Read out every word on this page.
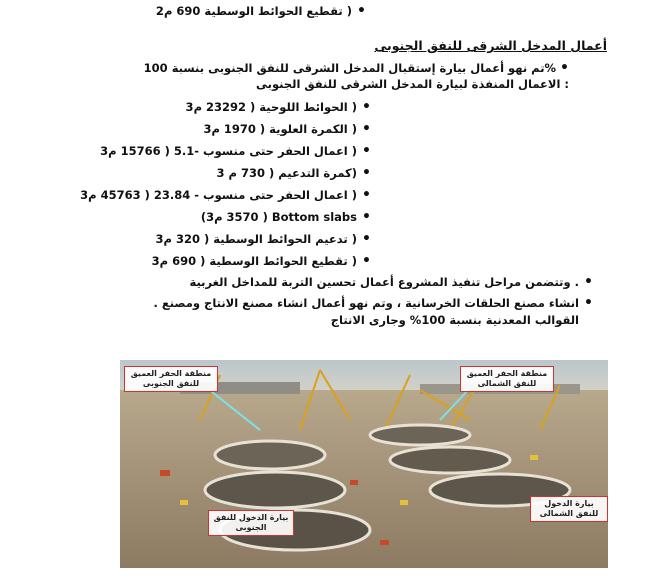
• ( تقطيع الحوائط الوسطية 690 م2
أعمال المدخل الشرقى للنفق الجنوبى
•%تم نهو أعمال بيارة إستقبال المدخل الشرقى للنفق الجنوبى بنسبة 100
: الاعمال المنفذة لبيارة المدخل الشرقى للنفق الجنوبى
• ( الحوائط اللوحية ( 23292 م3
• ( الكمرة العلوية ( 1970 م3
• ( اعمال الحفر حتى منسوب -5.1 ( 15766 م3
• (كمرة التدعيم ( 730 م 3
• ( اعمال الحفر حتى منسوب - 23.84 ( 45763 م3
• Bottom slabs ( 3570 م3)
• ( تدعيم الحوائط الوسطية ( 320 م3
• ( تقطيع الحوائط الوسطية ( 690 م3
• . وتتضمن مراحل تنفيذ المشروع أعمال تحسين التربة للمداخل الغربية
• انشاء مصنع الحلقات الخرسانية ، وتم نهو أعمال انشاء مصنع الانتاج ومصنع . القوالب المعدنية بنسبة 100% وجارى الانتاج
منطقة الحفر العميق للنفق الجنوبى
منطقة الحفر العميق للنفق الشمالى
بيارة الدخول للنفق الجنوبى
بيارة الدخول للنفق الشمالى
